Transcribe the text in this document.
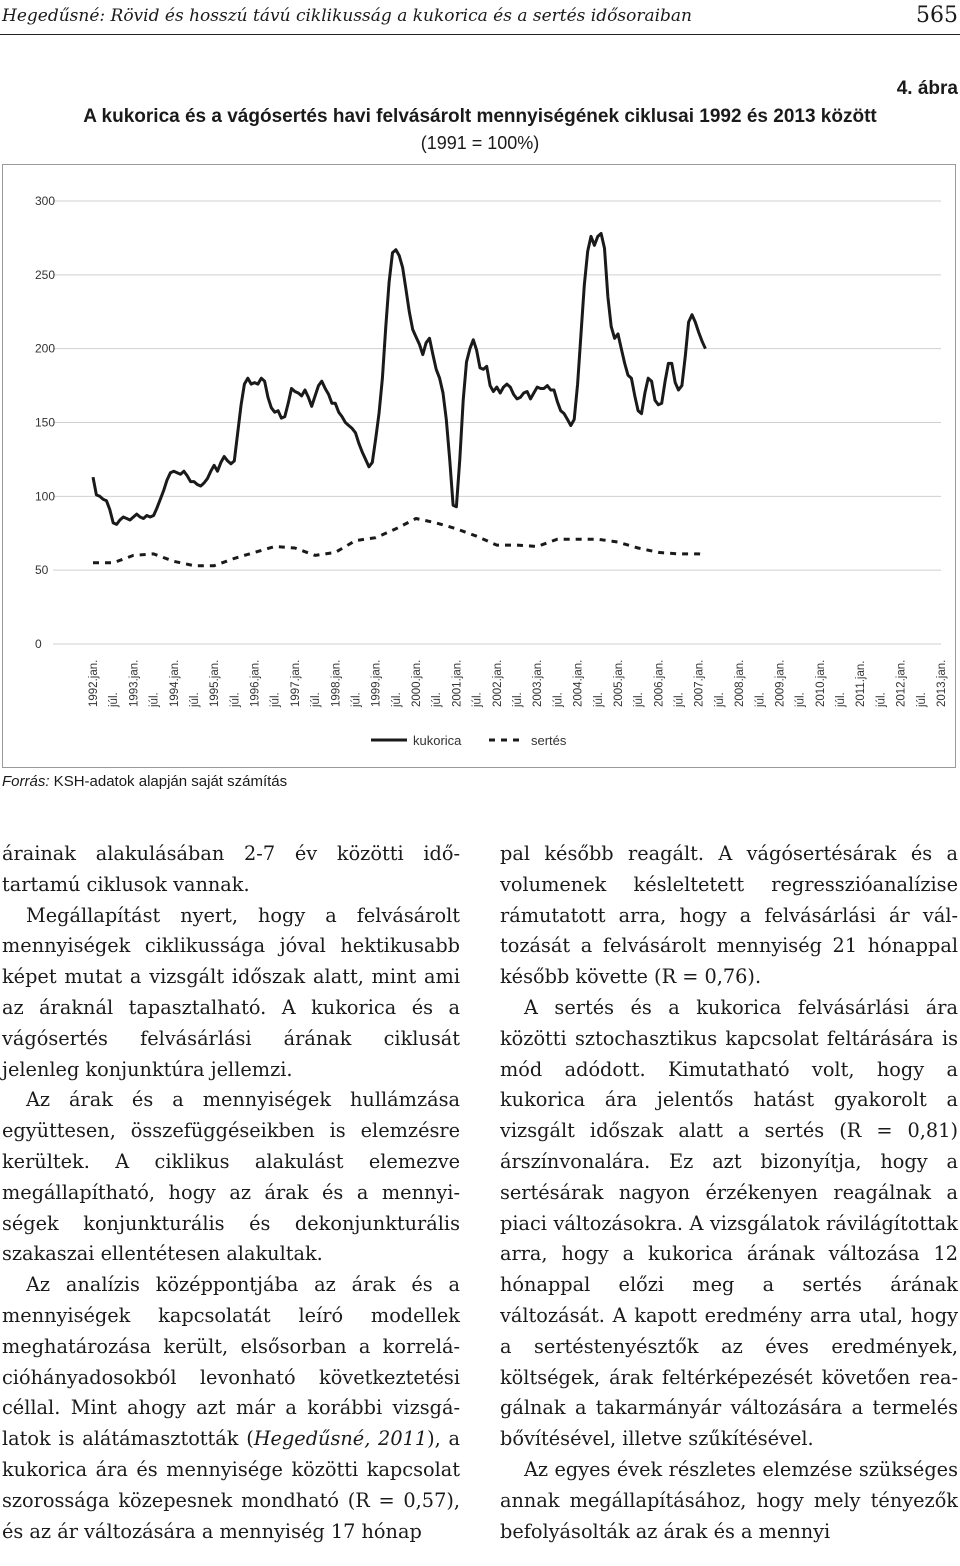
Hegedűsné: Rövid és hosszú távú ciklikusság a kukorica és a sertés idősoraiban	565
4. ábra
A kukorica és a vágósertés havi felvásárolt mennyiségének ciklusai 1992 és 2013 között
(1991 = 100%)
0
50
100
150
200
250
300
1992.jan. júl. 1993.jan. júl. 1994.jan. júl. 1995.jan. júl. 1996.jan. júl. 1997.jan. júl. 1998.jan. júl. 1999.jan. júl. 2000.jan. júl. 2001.jan. júl. 2002.jan. júl. 2003.jan. júl. 2004.jan. júl. 2005.jan. júl. 2006.jan. júl. 2007.jan. júl. 2008.jan. júl. 2009.jan. júl. 2010.jan. júl. 2011.jan. júl. 2012.jan. júl. 2013.jan.
kukorica	sertés
Forrás: KSH-adatok alapján saját számítás

árainak alakulásában 2-7 év közötti időtartamú ciklusok vannak.

Megállapítást nyert, hogy a felvásárolt mennyiségek ciklikussága jóval hektikusabb képet mutat a vizsgált időszak alatt, mint ami az áraknál tapasztalható. A kukorica és a vágósertés felvásárlási árának ciklusát jelenleg konjunktúra jellemzi.

Az árak és a mennyiségek hullámzása együttesen, összefüggéseikben is elemzésre kerültek. A ciklikus alakulást elemezve megállapítható, hogy az árak és a mennyiségek konjunkturális és dekonjunkturális szakaszai ellentétesen alakultak.

Az analízis középpontjába az árak és a mennyiségek kapcsolatát leíró modellek meghatározása került, elsősorban a korrelációhányadosokból levonható következtetési céllal. Mint ahogy azt már a korábbi vizsgálatok is alátámasztották (Hegedűsné, 2011), a kukorica ára és mennyisége közötti kapcsolat szorossága közepesnek mondható (R = 0,57), és az ár változására a mennyiség 17 hónap

pal később reagált. A vágósertésárak és a volumenek késleltetett regresszióanalízise rámutatott arra, hogy a felvásárlási ár változását a felvásárolt mennyiség 21 hónappal később követte (R = 0,76).

A sertés és a kukorica felvásárlási ára közötti sztochasztikus kapcsolat feltárására is mód adódott. Kimutatható volt, hogy a kukorica ára jelentős hatást gyakorolt a vizsgált időszak alatt a sertés (R = 0,81) árszínvonalára. Ez azt bizonyítja, hogy a sertésárak nagyon érzékenyen reagálnak a piaci változásokra. A vizsgálatok rávilágítottak arra, hogy a kukorica árának változása 12 hónappal előzi meg a sertés árának változását. A kapott eredmény arra utal, hogy a sertéstenyésztők az éves eredmények, költségek, árak feltérképezését követően reagálnak a takarmányár változására a termelés bővítésével, illetve szűkítésével.

Az egyes évek részletes elemzése szükséges annak megállapításához, hogy mely tényezők befolyásolták az árak és a mennyi
